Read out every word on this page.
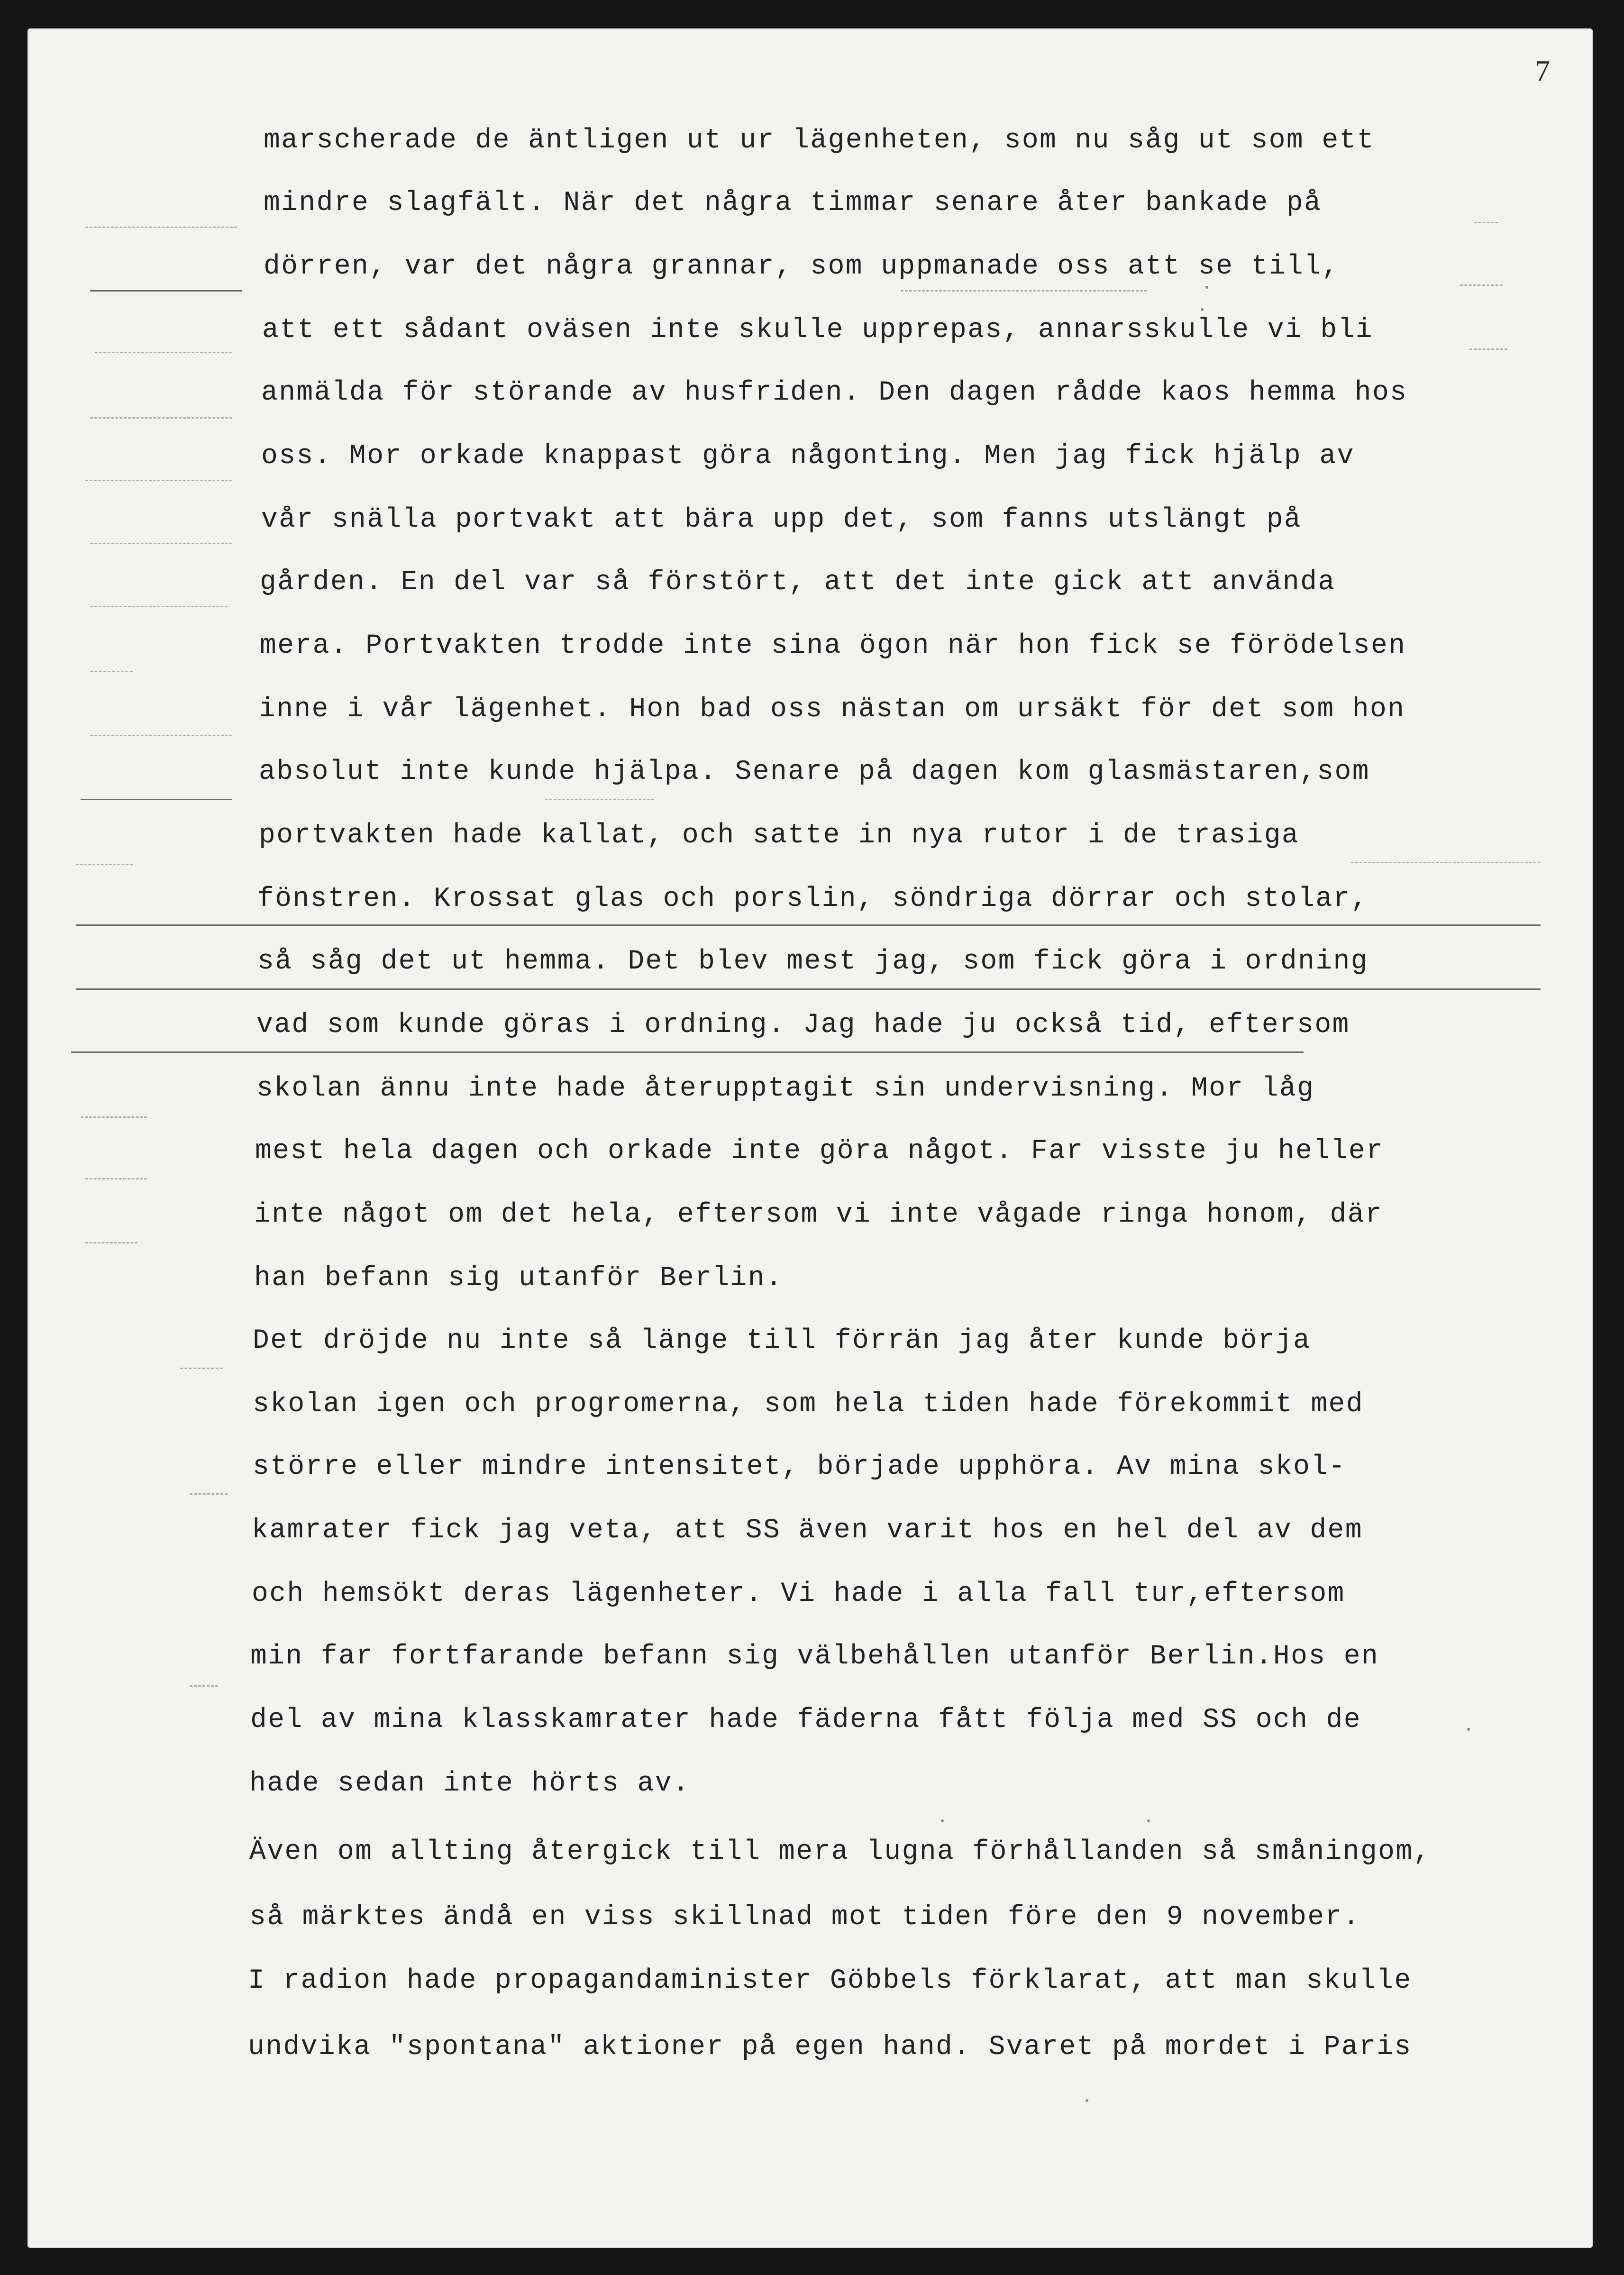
7
marscherade de äntligen ut ur lägenheten, som nu såg ut som ett
mindre slagfält. När det några timmar senare åter bankade på
dörren, var det några grannar, som uppmanade oss att se till,
att ett sådant oväsen inte skulle upprepas, annarsskulle vi bli
anmälda för störande av husfriden. Den dagen rådde kaos hemma hos
oss. Mor orkade knappast göra någonting. Men jag fick hjälp av
vår snälla portvakt att bära upp det, som fanns utslängt på
gården. En del var så förstört, att det inte gick att använda
mera. Portvakten trodde inte sina ögon när hon fick se förödelsen
inne i vår lägenhet. Hon bad oss nästan om ursäkt för det som hon
absolut inte kunde hjälpa. Senare på dagen kom glasmästaren,som
portvakten hade kallat, och satte in nya rutor i de trasiga
fönstren. Krossat glas och porslin, söndriga dörrar och stolar,
så såg det ut hemma. Det blev mest jag, som fick göra i ordning
vad som kunde göras i ordning. Jag hade ju också tid, eftersom
skolan ännu inte hade återupptagit sin undervisning. Mor låg
mest hela dagen och orkade inte göra något. Far visste ju heller
inte något om det hela, eftersom vi inte vågade ringa honom, där
han befann sig utanför Berlin.
Det dröjde nu inte så länge till förrän jag åter kunde börja
skolan igen och progromerna, som hela tiden hade förekommit med
större eller mindre intensitet, började upphöra. Av mina skol-
kamrater fick jag veta, att SS även varit hos en hel del av dem
och hemsökt deras lägenheter. Vi hade i alla fall tur,eftersom
min far fortfarande befann sig välbehållen utanför Berlin.Hos en
del av mina klasskamrater hade fäderna fått följa med SS och de
hade sedan inte hörts av.
Även om allting återgick till mera lugna förhållanden så småningom,
så märktes ändå en viss skillnad mot tiden före den 9 november.
I radion hade propagandaminister Göbbels förklarat, att man skulle
undvika "spontana" aktioner på egen hand. Svaret på mordet i Paris
